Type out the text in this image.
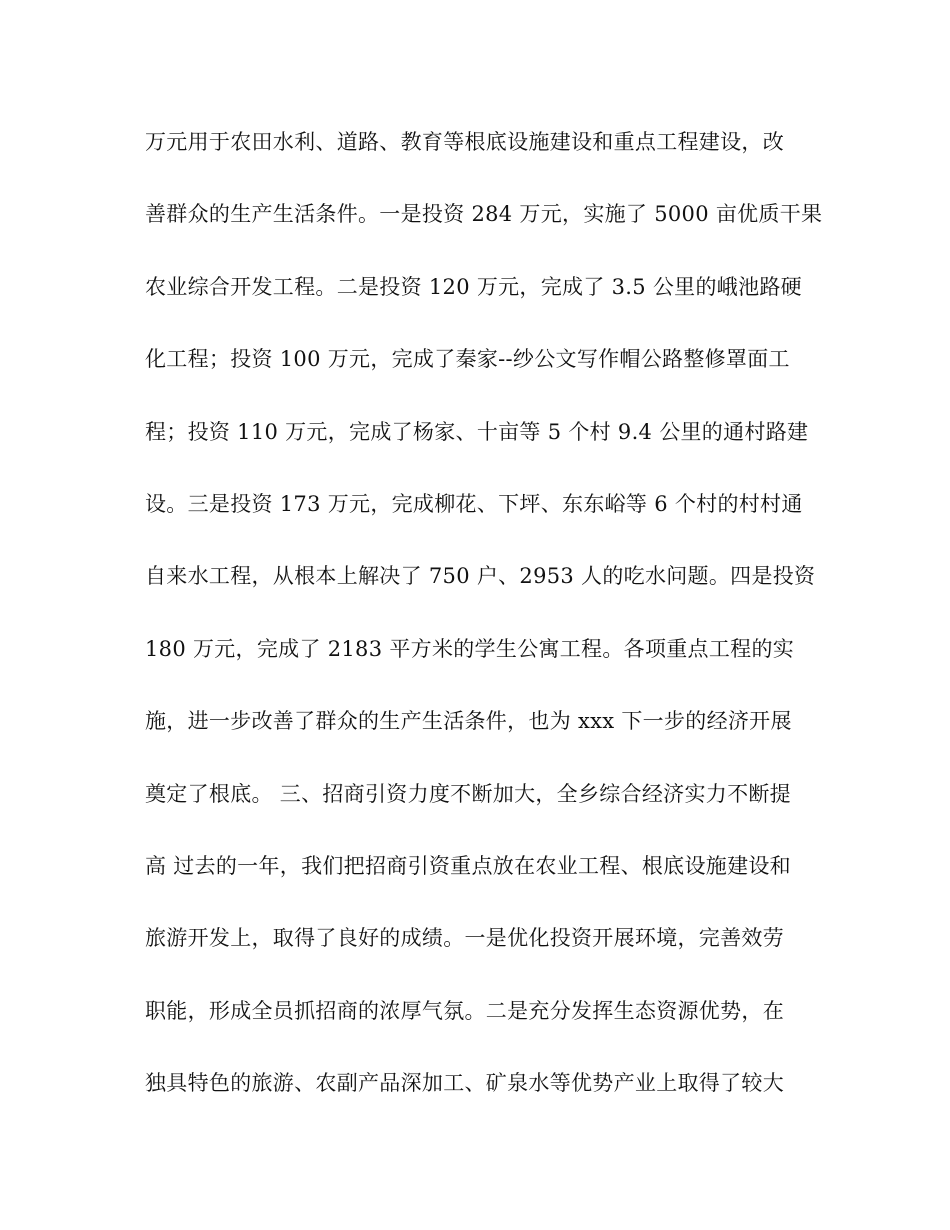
万元用于农田水利、道路、教育等根底设施建设和重点工程建设，改
善群众的生产生活条件。一是投资 284 万元，实施了 5000 亩优质干果
农业综合开发工程。二是投资 120 万元，完成了 3.5 公里的峨池路硬
化工程；投资 100 万元，完成了秦家--纱公文写作帽公路整修罩面工
程；投资 110 万元，完成了杨家、十亩等 5 个村 9.4 公里的通村路建
设。三是投资 173 万元，完成柳花、下坪、东东峪等 6 个村的村村通
自来水工程，从根本上解决了 750 户、2953 人的吃水问题。四是投资
180 万元，完成了 2183 平方米的学生公寓工程。各项重点工程的实
施，进一步改善了群众的生产生活条件，也为 xxx 下一步的经济开展
奠定了根底。 三、招商引资力度不断加大，全乡综合经济实力不断提
高 过去的一年，我们把招商引资重点放在农业工程、根底设施建设和
旅游开发上，取得了良好的成绩。一是优化投资开展环境，完善效劳
职能，形成全员抓招商的浓厚气氛。二是充分发挥生态资源优势，在
独具特色的旅游、农副产品深加工、矿泉水等优势产业上取得了较大
